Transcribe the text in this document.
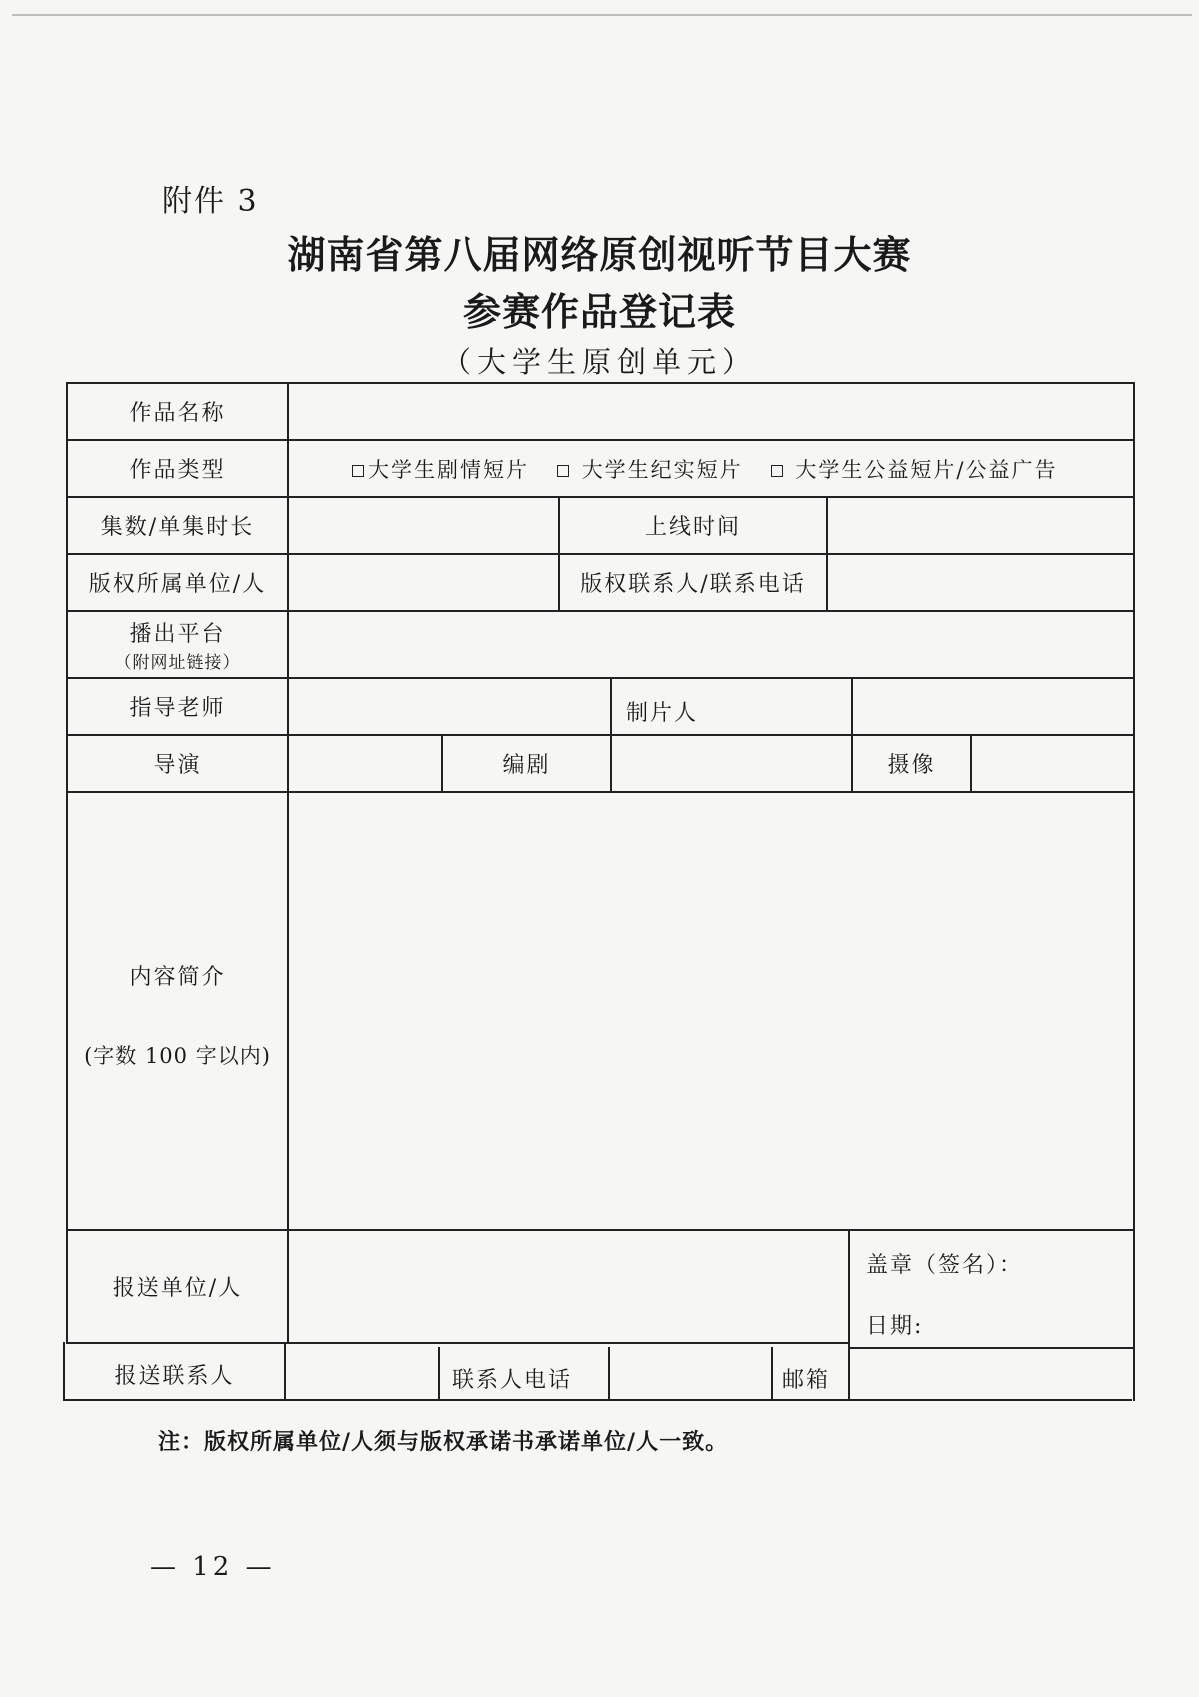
附件 3
湖南省第八届网络原创视听节目大赛
参赛作品登记表
（大学生原创单元）
作品名称
作品类型	大学生剧情短片	大学生纪实短片	大学生公益短片/公益广告
集数/单集时长	上线时间
版权所属单位/人	版权联系人/联系电话
播出平台
（附网址链接）
指导老师	制片人
导演	编剧	摄像
内容简介
(字数 100 字以内)
报送单位/人
盖章（签名）：
日期:
报送联系人	联系人电话	邮箱
注：版权所属单位/人须与版权承诺书承诺单位/人一致。
— 12 —
